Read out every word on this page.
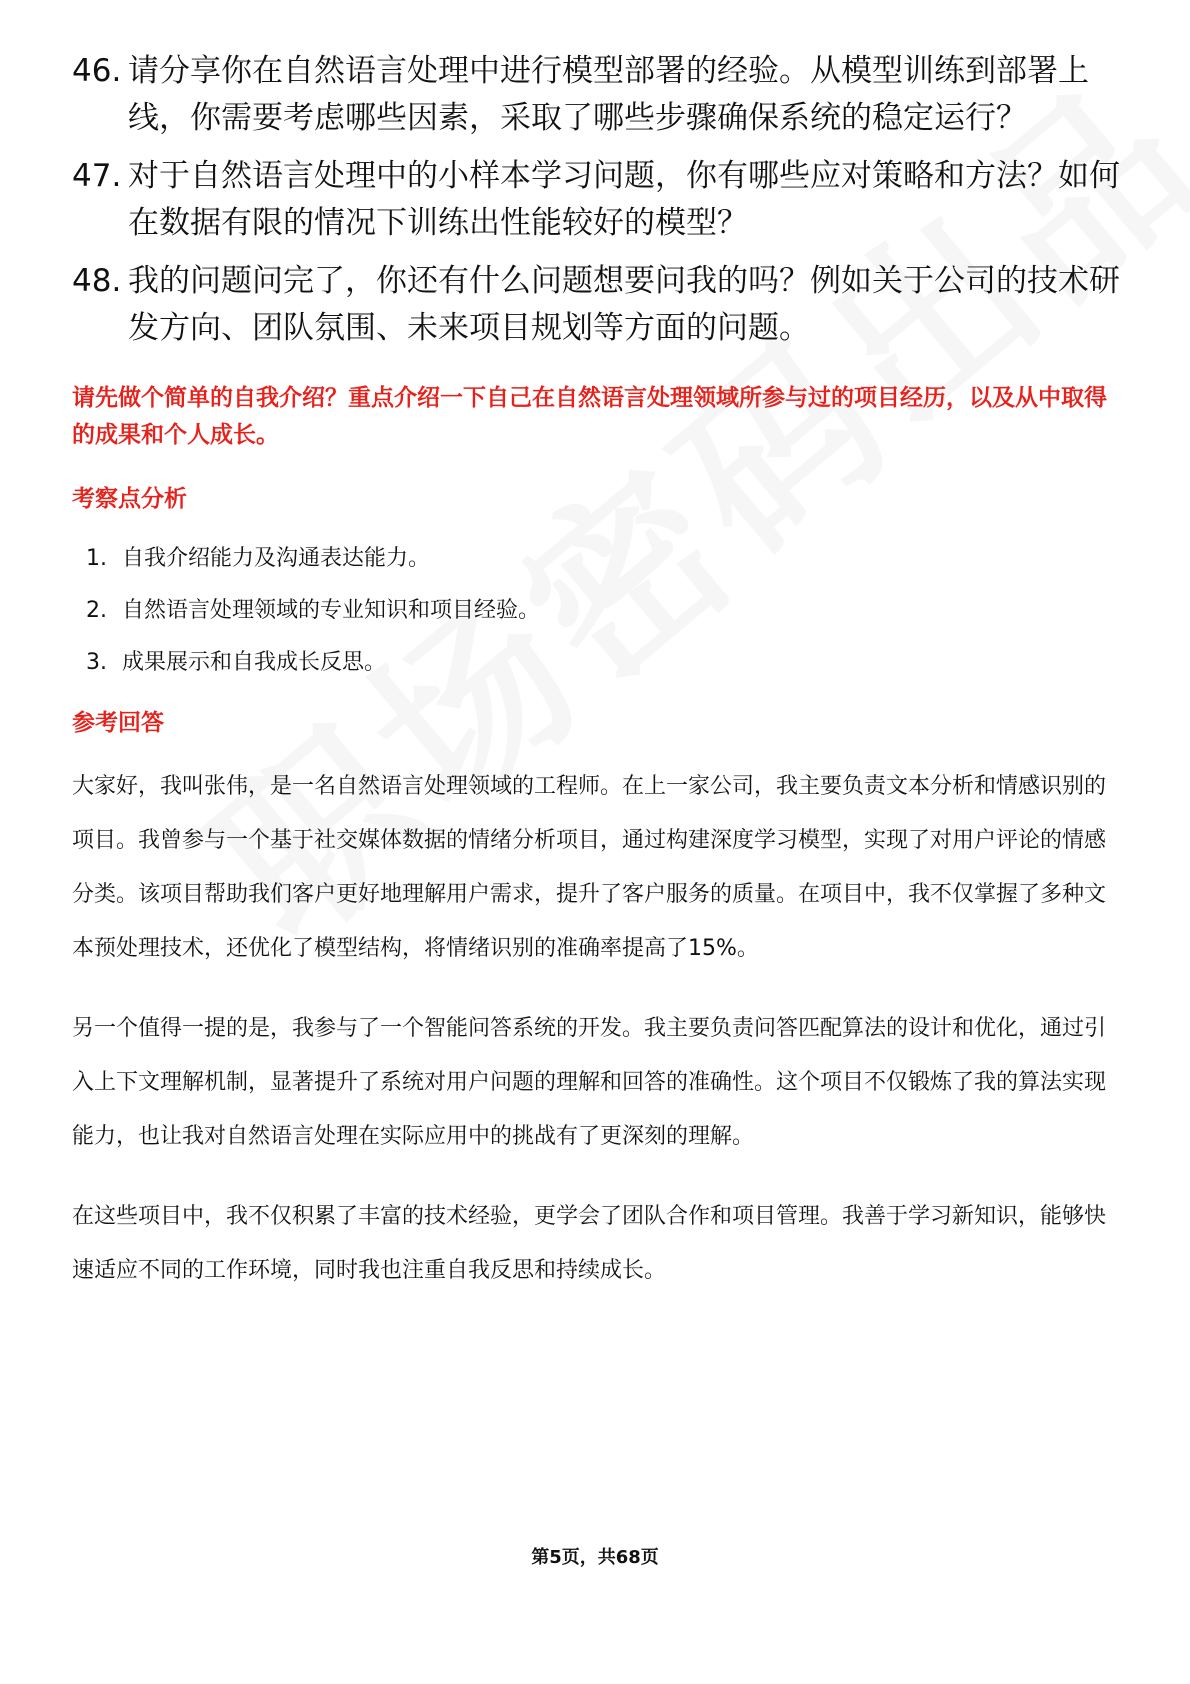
46. 请分享你在自然语言处理中进行模型部署的经验。从模型训练到部署上线，你需要考虑哪些因素，采取了哪些步骤确保系统的稳定运行？
47. 对于自然语言处理中的小样本学习问题，你有哪些应对策略和方法？如何在数据有限的情况下训练出性能较好的模型？
48. 我的问题问完了，你还有什么问题想要问我的吗？例如关于公司的技术研发方向、团队氛围、未来项目规划等方面的问题。
请先做个简单的自我介绍？重点介绍一下自己在自然语言处理领域所参与过的项目经历，以及从中取得的成果和个人成长。
考察点分析
1. 自我介绍能力及沟通表达能力。
2. 自然语言处理领域的专业知识和项目经验。
3. 成果展示和自我成长反思。
参考回答

大家好，我叫张伟，是一名自然语言处理领域的工程师。在上一家公司，我主要负责文本分析和情感识别的项目。我曾参与一个基于社交媒体数据的情绪分析项目，通过构建深度学习模型，实现了对用户评论的情感分类。该项目帮助我们客户更好地理解用户需求，提升了客户服务的质量。在项目中，我不仅掌握了多种文本预处理技术，还优化了模型结构，将情绪识别的准确率提高了15%。

另一个值得一提的是，我参与了一个智能问答系统的开发。我主要负责问答匹配算法的设计和优化，通过引入上下文理解机制，显著提升了系统对用户问题的理解和回答的准确性。这个项目不仅锻炼了我的算法实现能力，也让我对自然语言处理在实际应用中的挑战有了更深刻的理解。

在这些项目中，我不仅积累了丰富的技术经验，更学会了团队合作和项目管理。我善于学习新知识，能够快速适应不同的工作环境，同时我也注重自我反思和持续成长。

第5页，共68页
